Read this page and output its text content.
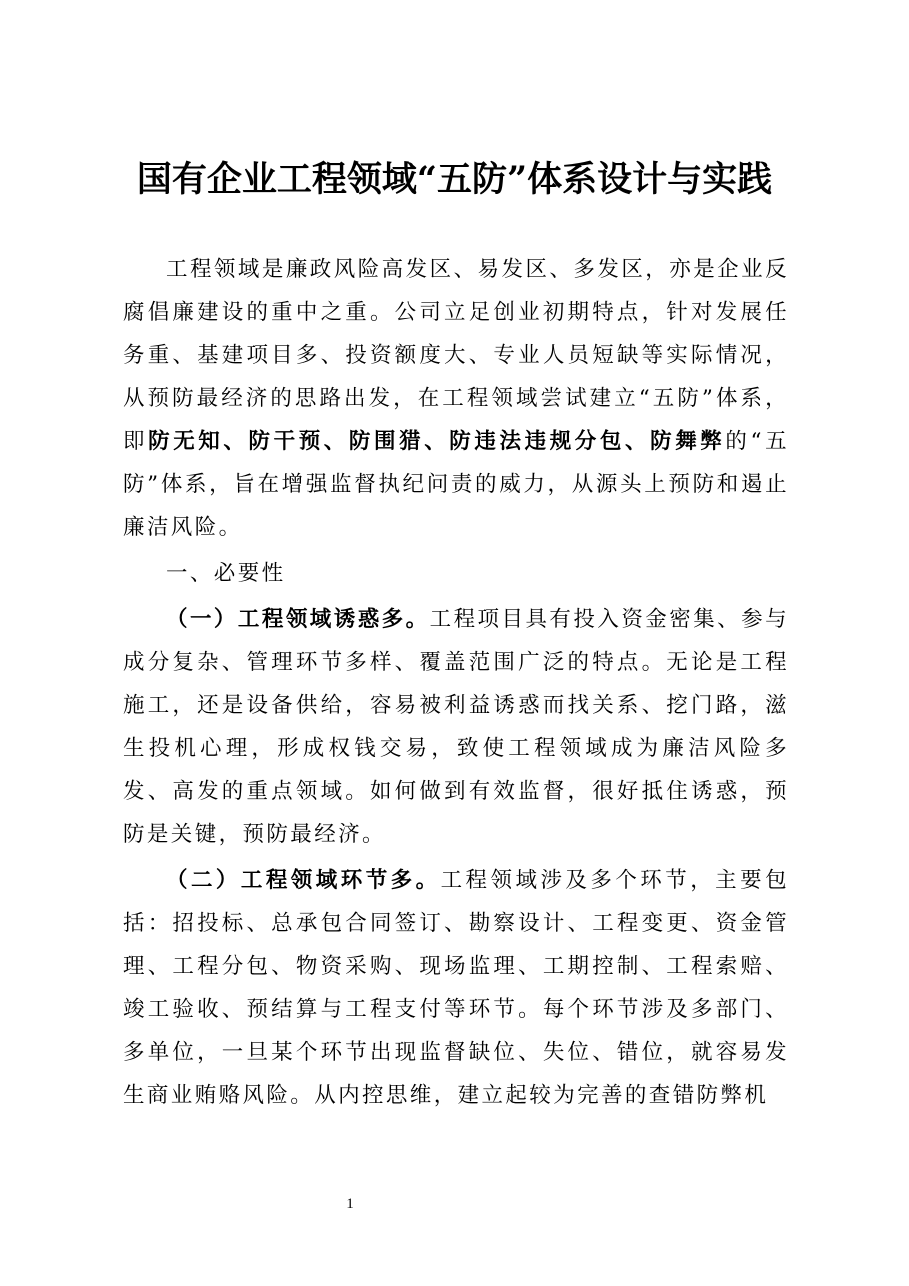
国有企业工程领域“五防”体系设计与实践

工程领域是廉政风险高发区、易发区、多发区，亦是企业反腐倡廉建设的重中之重。公司立足创业初期特点，针对发展任务重、基建项目多、投资额度大、专业人员短缺等实际情况，从预防最经济的思路出发，在工程领域尝试建立“五防”体系，即防无知、防干预、防围猎、防违法违规分包、防舞弊的“五防”体系，旨在增强监督执纪问责的威力，从源头上预防和遏止廉洁风险。

一、必要性

（一）工程领域诱惑多。工程项目具有投入资金密集、参与成分复杂、管理环节多样、覆盖范围广泛的特点。无论是工程施工，还是设备供给，容易被利益诱惑而找关系、挖门路，滋生投机心理，形成权钱交易，致使工程领域成为廉洁风险多发、高发的重点领域。如何做到有效监督，很好抵住诱惑，预防是关键，预防最经济。

（二）工程领域环节多。工程领域涉及多个环节，主要包括：招投标、总承包合同签订、勘察设计、工程变更、资金管理、工程分包、物资采购、现场监理、工期控制、工程索赔、竣工验收、预结算与工程支付等环节。每个环节涉及多部门、多单位，一旦某个环节出现监督缺位、失位、错位，就容易发生商业贿赂风险。从内控思维，建立起较为完善的查错防弊机

1
